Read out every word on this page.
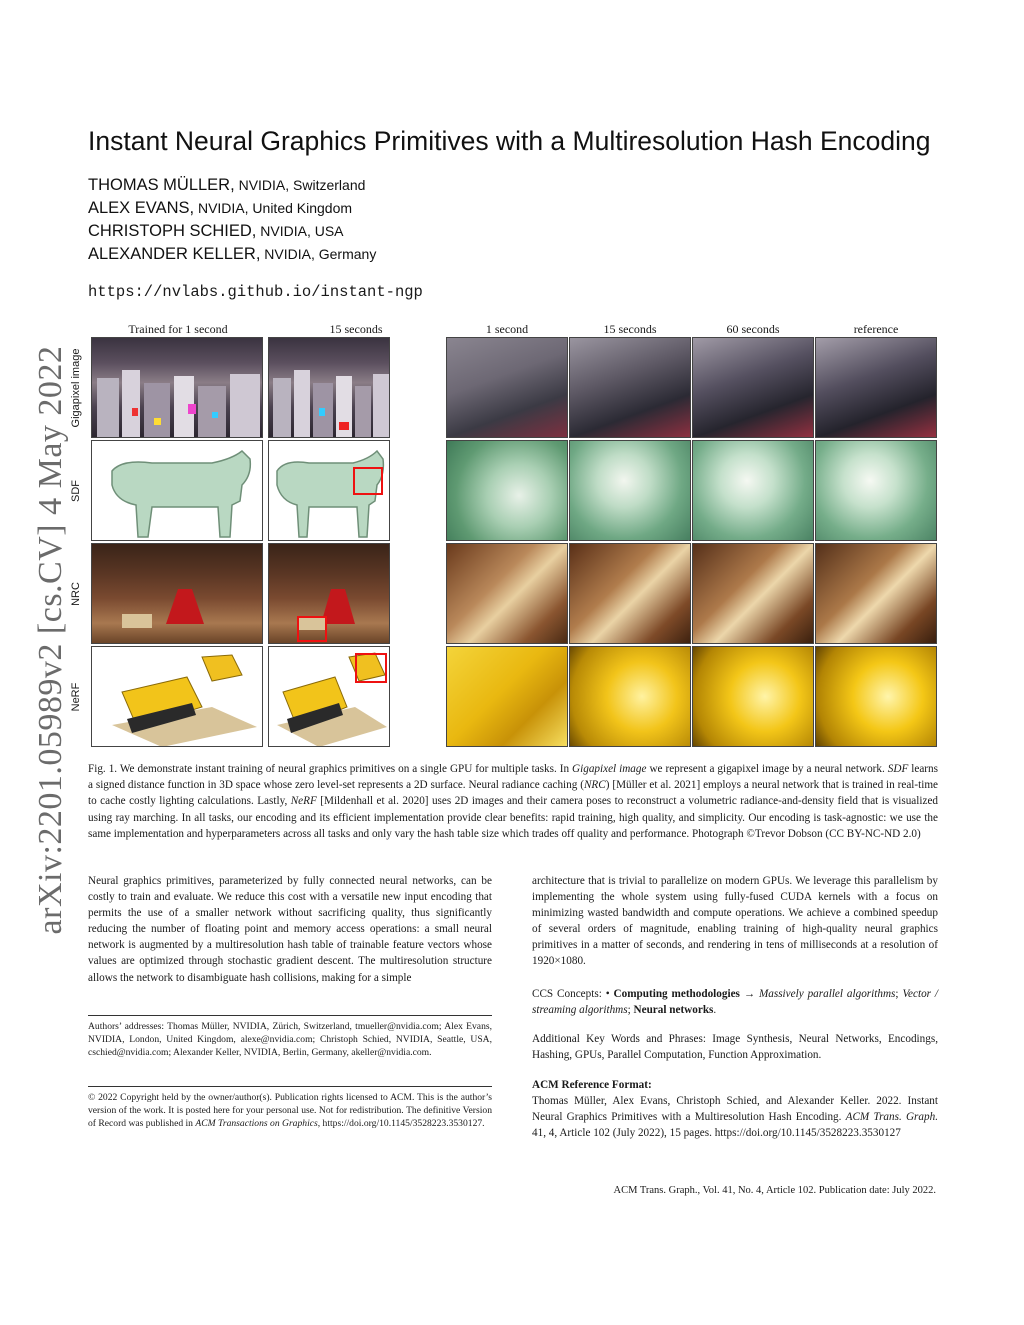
arXiv:2201.05989v2 [cs.CV] 4 May 2022
Instant Neural Graphics Primitives with a Multiresolution Hash Encoding
THOMAS MÜLLER, NVIDIA, Switzerland
ALEX EVANS, NVIDIA, United Kingdom
CHRISTOPH SCHIED, NVIDIA, USA
ALEXANDER KELLER, NVIDIA, Germany
https://nvlabs.github.io/instant-ngp
Trained for 1 second	15 seconds	1 second	15 seconds	60 seconds	reference
Gigapixel image
SDF
NRC
NeRF
Fig. 1. We demonstrate instant training of neural graphics primitives on a single GPU for multiple tasks. In Gigapixel image we represent a gigapixel image by a neural network. SDF learns a signed distance function in 3D space whose zero level-set represents a 2D surface. Neural radiance caching (NRC) [Müller et al. 2021] employs a neural network that is trained in real-time to cache costly lighting calculations. Lastly, NeRF [Mildenhall et al. 2020] uses 2D images and their camera poses to reconstruct a volumetric radiance-and-density field that is visualized using ray marching. In all tasks, our encoding and its efficient implementation provide clear benefits: rapid training, high quality, and simplicity. Our encoding is task-agnostic: we use the same implementation and hyperparameters across all tasks and only vary the hash table size which trades off quality and performance. Photograph ©Trevor Dobson (CC BY-NC-ND 2.0)
Neural graphics primitives, parameterized by fully connected neural networks, can be costly to train and evaluate. We reduce this cost with a versatile new input encoding that permits the use of a smaller network without sacrificing quality, thus significantly reducing the number of floating point and memory access operations: a small neural network is augmented by a multiresolution hash table of trainable feature vectors whose values are optimized through stochastic gradient descent. The multiresolution structure allows the network to disambiguate hash collisions, making for a simple
Authors’ addresses: Thomas Müller, NVIDIA, Zürich, Switzerland, tmueller@nvidia.com; Alex Evans, NVIDIA, London, United Kingdom, alexe@nvidia.com; Christoph Schied, NVIDIA, Seattle, USA, cschied@nvidia.com; Alexander Keller, NVIDIA, Berlin, Germany, akeller@nvidia.com.
© 2022 Copyright held by the owner/author(s). Publication rights licensed to ACM. This is the author’s version of the work. It is posted here for your personal use. Not for redistribution. The definitive Version of Record was published in ACM Transactions on Graphics, https://doi.org/10.1145/3528223.3530127.
architecture that is trivial to parallelize on modern GPUs. We leverage this parallelism by implementing the whole system using fully-fused CUDA kernels with a focus on minimizing wasted bandwidth and compute operations. We achieve a combined speedup of several orders of magnitude, enabling training of high-quality neural graphics primitives in a matter of seconds, and rendering in tens of milliseconds at a resolution of 1920×1080.
CCS Concepts: • Computing methodologies → Massively parallel algorithms; Vector / streaming algorithms; Neural networks.
Additional Key Words and Phrases: Image Synthesis, Neural Networks, Encodings, Hashing, GPUs, Parallel Computation, Function Approximation.
ACM Reference Format:
Thomas Müller, Alex Evans, Christoph Schied, and Alexander Keller. 2022. Instant Neural Graphics Primitives with a Multiresolution Hash Encoding. ACM Trans. Graph. 41, 4, Article 102 (July 2022), 15 pages. https://doi.org/10.1145/3528223.3530127
ACM Trans. Graph., Vol. 41, No. 4, Article 102. Publication date: July 2022.
